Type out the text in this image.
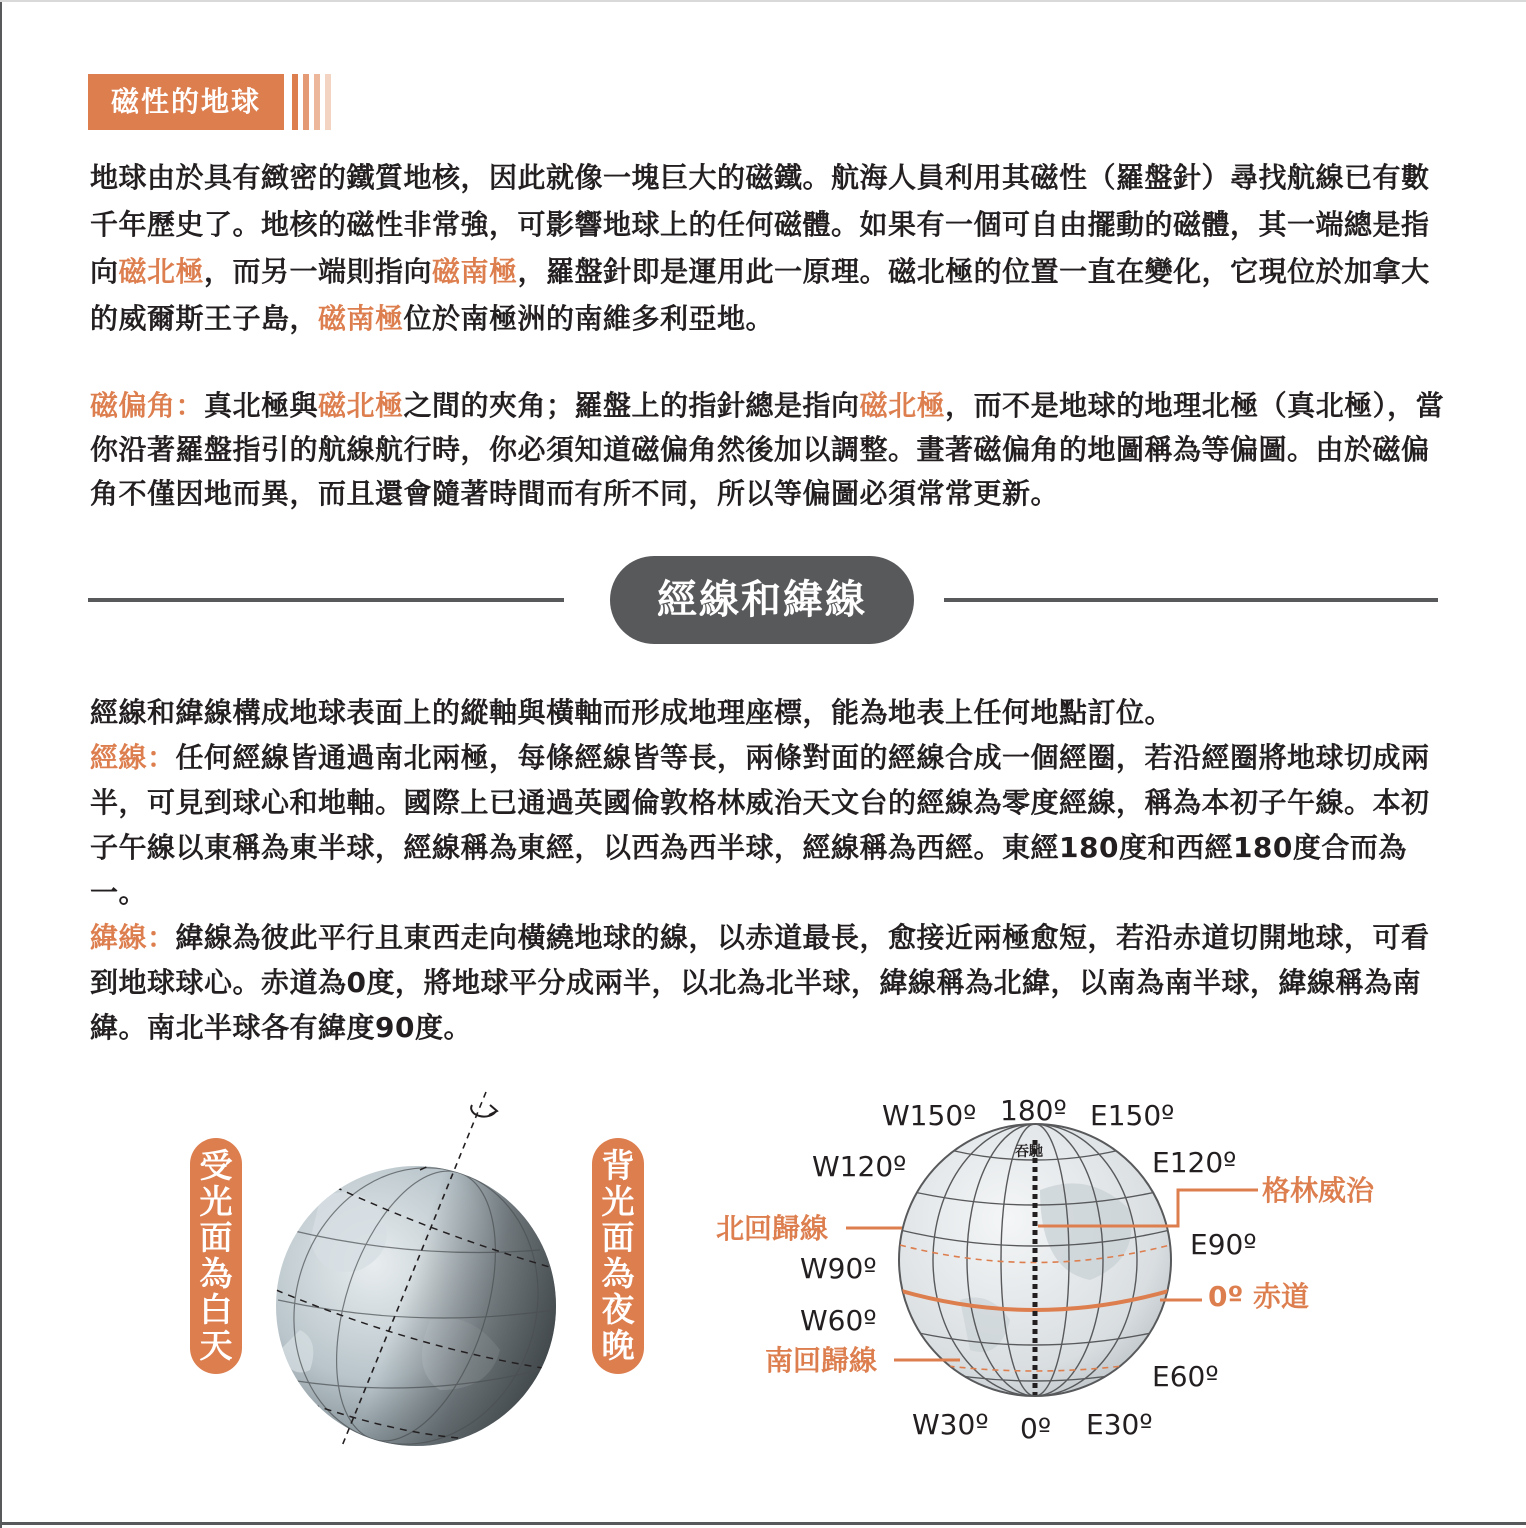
磁性的地球
地球由於具有緻密的鐵質地核，因此就像一塊巨大的磁鐵。航海人員利用其磁性（羅盤針）尋找航線已有數千年歷史了。地核的磁性非常強，可影響地球上的任何磁體。如果有一個可自由擺動的磁體，其一端總是指向磁北極，而另一端則指向磁南極，羅盤針即是運用此一原理。磁北極的位置一直在變化，它現位於加拿大的威爾斯王子島，磁南極位於南極洲的南維多利亞地。
磁偏角：真北極與磁北極之間的夾角；羅盤上的指針總是指向磁北極，而不是地球的地理北極（真北極），當你沿著羅盤指引的航線航行時，你必須知道磁偏角然後加以調整。畫著磁偏角的地圖稱為等偏圖。由於磁偏角不僅因地而異，而且還會隨著時間而有所不同，所以等偏圖必須常常更新。
經線和緯線
經線和緯線構成地球表面上的縱軸與橫軸而形成地理座標，能為地表上任何地點訂位。
經線：任何經線皆通過南北兩極，每條經線皆等長，兩條對面的經線合成一個經圈，若沿經圈將地球切成兩半，可見到球心和地軸。國際上已通過英國倫敦格林威治天文台的經線為零度經線，稱為本初子午線。本初子午線以東稱為東半球，經線稱為東經，以西為西半球，經線稱為西經。東經180度和西經180度合而為一。
緯線：緯線為彼此平行且東西走向橫繞地球的線，以赤道最長，愈接近兩極愈短，若沿赤道切開地球，可看到地球球心。赤道為0度，將地球平分成兩半，以北為北半球，緯線稱為北緯，以南為南半球，緯線稱為南緯。南北半球各有緯度90度。
受
光
面
為
白
天
背
光
面
為
夜
晚
W150º 180º E150º
吞馳
W120º	E120º
W90º
E90º
W60º
E60º
W30º 0º E30º
北回歸線
南回歸線
格林威治
0º 赤道
